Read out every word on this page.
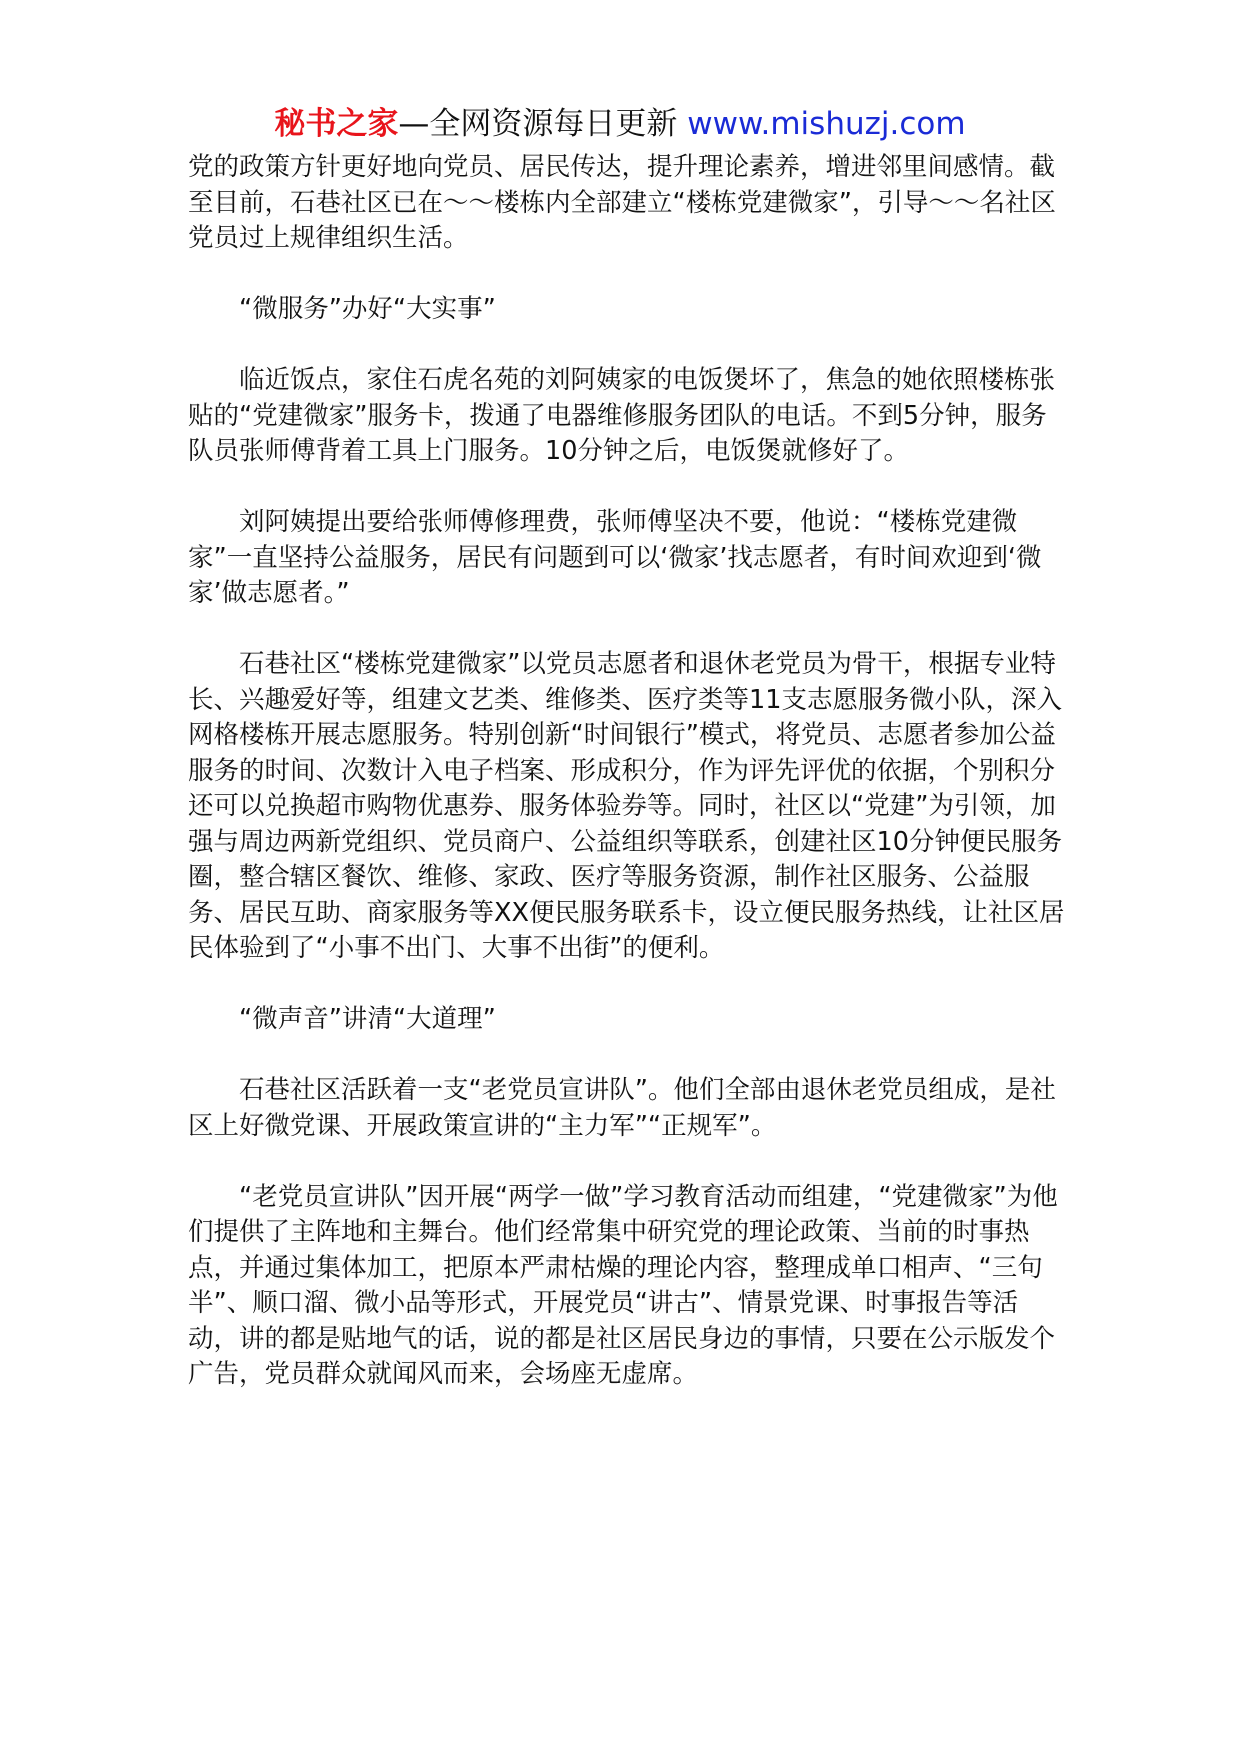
秘书之家—全网资源每日更新 www.mishuzj.com

党的政策方针更好地向党员、居民传达，提升理论素养，增进邻里间感情。截至目前，石巷社区已在～～楼栋内全部建立“楼栋党建微家”，引导～～名社区党员过上规律组织生活。

“微服务”办好“大实事”

临近饭点，家住石虎名苑的刘阿姨家的电饭煲坏了，焦急的她依照楼栋张贴的“党建微家”服务卡，拨通了电器维修服务团队的电话。不到5分钟，服务队员张师傅背着工具上门服务。10分钟之后，电饭煲就修好了。

刘阿姨提出要给张师傅修理费，张师傅坚决不要，他说：“楼栋党建微家”一直坚持公益服务，居民有问题到可以‘微家’找志愿者，有时间欢迎到‘微家’做志愿者。”

石巷社区“楼栋党建微家”以党员志愿者和退休老党员为骨干，根据专业特长、兴趣爱好等，组建文艺类、维修类、医疗类等11支志愿服务微小队，深入网格楼栋开展志愿服务。特别创新“时间银行”模式，将党员、志愿者参加公益服务的时间、次数计入电子档案、形成积分，作为评先评优的依据，个别积分还可以兑换超市购物优惠券、服务体验券等。同时，社区以“党建”为引领，加强与周边两新党组织、党员商户、公益组织等联系，创建社区10分钟便民服务圈，整合辖区餐饮、维修、家政、医疗等服务资源，制作社区服务、公益服务、居民互助、商家服务等XX便民服务联系卡，设立便民服务热线，让社区居民体验到了“小事不出门、大事不出街”的便利。

“微声音”讲清“大道理”

石巷社区活跃着一支“老党员宣讲队”。他们全部由退休老党员组成，是社区上好微党课、开展政策宣讲的“主力军”“正规军”。

“老党员宣讲队”因开展“两学一做”学习教育活动而组建，“党建微家”为他们提供了主阵地和主舞台。他们经常集中研究党的理论政策、当前的时事热点，并通过集体加工，把原本严肃枯燥的理论内容，整理成单口相声、“三句半”、顺口溜、微小品等形式，开展党员“讲古”、情景党课、时事报告等活动，讲的都是贴地气的话，说的都是社区居民身边的事情，只要在公示版发个广告，党员群众就闻风而来，会场座无虚席。
